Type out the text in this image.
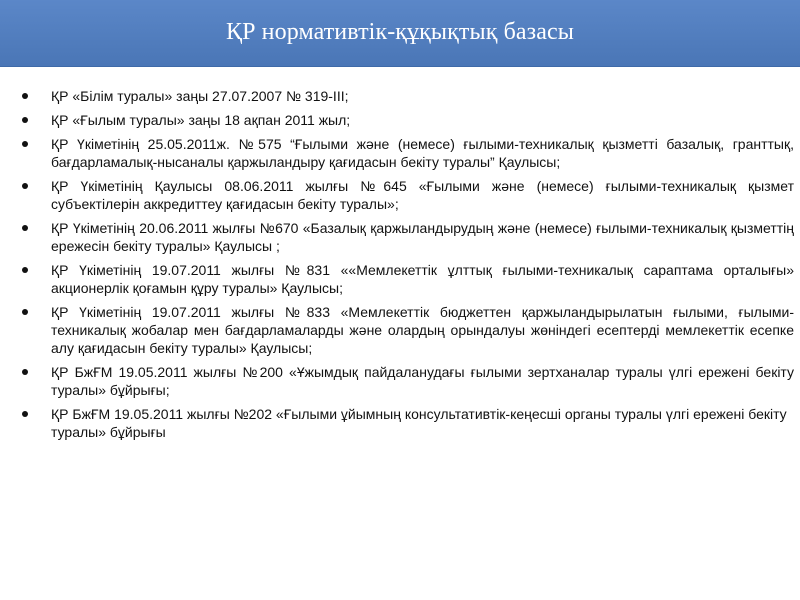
ҚР нормативтік-құқықтық базасы
ҚР «Білім туралы» заңы 27.07.2007 № 319-ІІІ;
ҚР «Ғылым туралы» заңы 18 ақпан 2011 жыл;
ҚР Үкіметінің 25.05.2011ж. №575 “Ғылыми және (немесе) ғылыми-техникалық қызметті базалық, гранттық, бағдарламалық-нысаналы қаржыландыру қағидасын бекіту туралы” Қаулысы;
ҚР Үкіметінің Қаулысы 08.06.2011 жылғы №645 «Ғылыми және (немесе) ғылыми-техникалық қызмет субъектілерін аккредиттеу қағидасын бекіту туралы»;
ҚР Үкіметінің 20.06.2011 жылғы №670 «Базалық қаржыландырудың және (немесе) ғылыми-техникалық қызметтің ережесін бекіту туралы» Қаулысы ;
ҚР Үкіметінің 19.07.2011 жылғы №831 ««Мемлекеттік ұлттық ғылыми-техникалық сараптама орталығы» акционерлік қоғамын құру туралы» Қаулысы;
ҚР Үкіметінің 19.07.2011 жылғы №833 «Мемлекеттік бюджеттен қаржыландырылатын ғылыми, ғылыми-техникалық жобалар мен бағдарламаларды және олардың орындалуы жөніндегі есептерді мемлекеттік есепке алу қағидасын бекіту туралы» Қаулысы;
ҚР БжҒМ 19.05.2011 жылғы №200 «Ұжымдық пайдаланудағы ғылыми зертханалар туралы үлгі ережені бекіту туралы» бұйрығы;
ҚР БжҒМ 19.05.2011 жылғы №202 «Ғылыми ұйымның консультативтік-кеңесші органы туралы үлгі ережені бекіту туралы» бұйрығы
